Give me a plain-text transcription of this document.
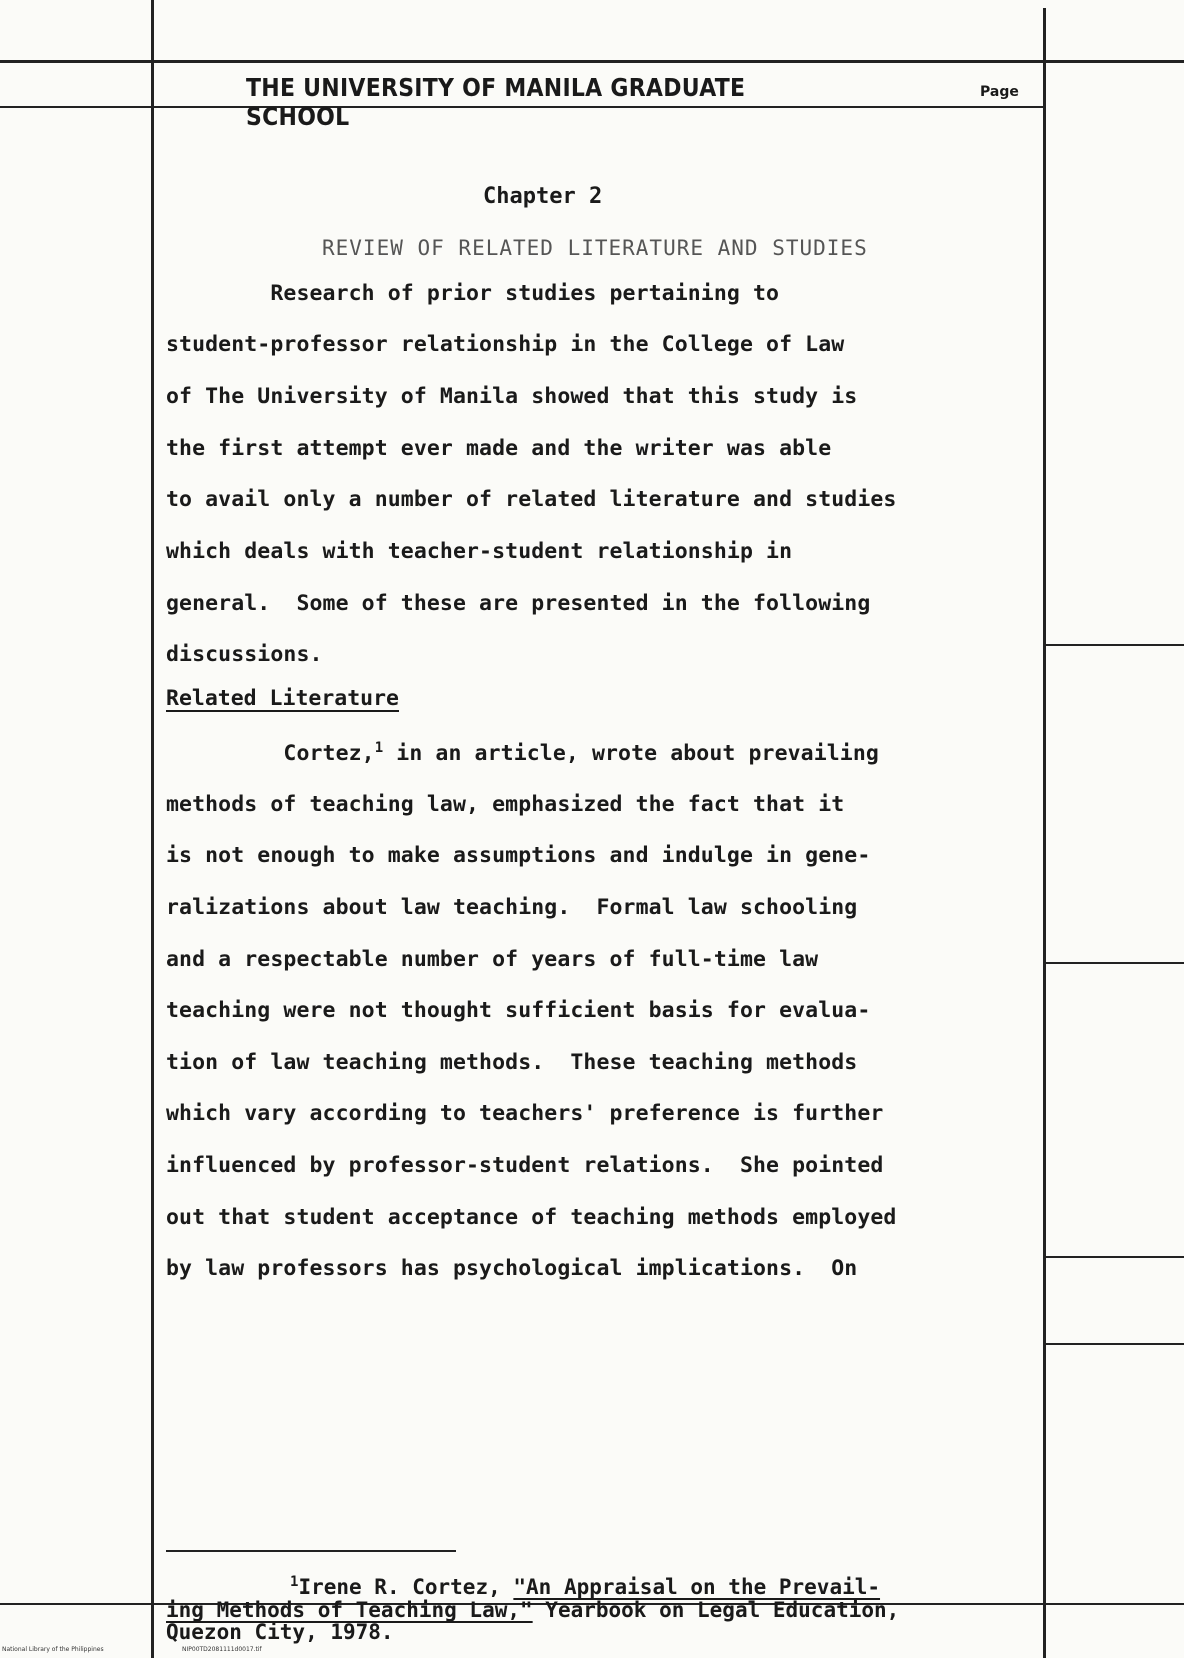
THE UNIVERSITY OF MANILA GRADUATE SCHOOL
Page
Chapter 2
REVIEW OF RELATED LITERATURE AND STUDIES
Research of prior studies pertaining to
student-professor relationship in the College of Law
of The University of Manila showed that this study is
the first attempt ever made and the writer was able
to avail only a number of related literature and studies
which deals with teacher-student relationship in
general.  Some of these are presented in the following
discussions.
Related Literature
Cortez,$^1$ in an article, wrote about prevailing
methods of teaching law, emphasized the fact that it
is not enough to make assumptions and indulge in gene-
ralizations about law teaching.  Formal law schooling
and a respectable number of years of full-time law
teaching were not thought sufficient basis for evalua-
tion of law teaching methods.  These teaching methods
which vary according to teachers' preference is further
influenced by professor-student relations.  She pointed
out that student acceptance of teaching methods employed
by law professors has psychological implications.  On
$^1$Irene R. Cortez, "An Appraisal on the Prevail-
ing Methods of Teaching Law," Yearbook on Legal Education,
Quezon City, 1978.
National Library of the Philippines	NIP00TD2081111d0017.tif
